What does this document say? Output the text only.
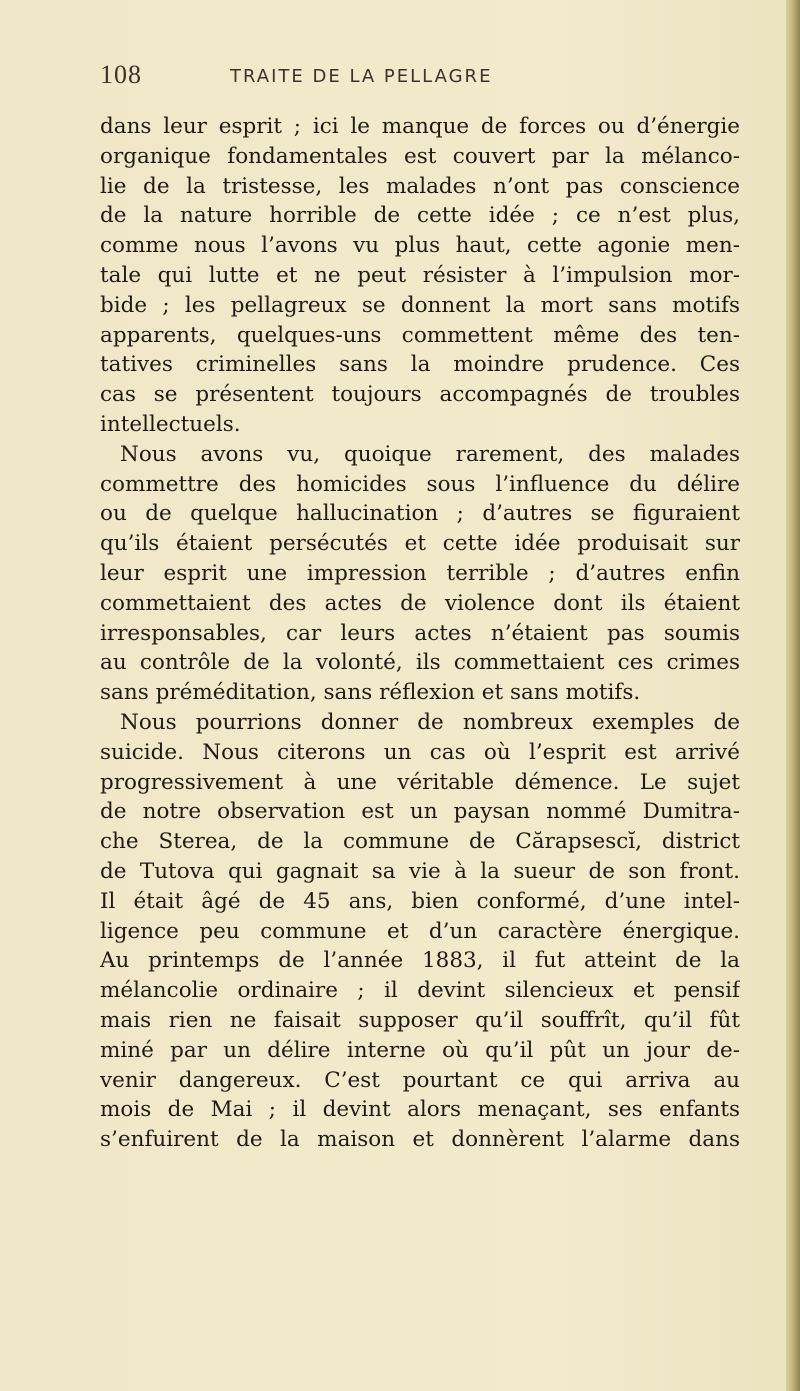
108	TRAITE DE LA PELLAGRE
dans leur esprit ; ici le manque de forces ou d’énergie
organique fondamentales est couvert par la mélanco-
lie de la tristesse, les malades n’ont pas conscience
de la nature horrible de cette idée ; ce n’est plus,
comme nous l’avons vu plus haut, cette agonie men-
tale qui lutte et ne peut résister à l’impulsion mor-
bide ; les pellagreux se donnent la mort sans motifs
apparents, quelques-uns commettent même des ten-
tatives criminelles sans la moindre prudence. Ces
cas se présentent toujours accompagnés de troubles
intellectuels.
Nous avons vu, quoique rarement, des malades
commettre des homicides sous l’influence du délire
ou de quelque hallucination ; d’autres se figuraient
qu’ils étaient persécutés et cette idée produisait sur
leur esprit une impression terrible ; d’autres enfin
commettaient des actes de violence dont ils étaient
irresponsables, car leurs actes n’étaient pas soumis
au contrôle de la volonté, ils commettaient ces crimes
sans préméditation, sans réflexion et sans motifs.
Nous pourrions donner de nombreux exemples de
suicide. Nous citerons un cas où l’esprit est arrivé
progressivement à une véritable démence. Le sujet
de notre observation est un paysan nommé Dumitra-
che Sterea, de la commune de Cărapsescĭ, district
de Tutova qui gagnait sa vie à la sueur de son front.
Il était âgé de 45 ans, bien conformé, d’une intel-
ligence peu commune et d’un caractère énergique.
Au printemps de l’année 1883, il fut atteint de la
mélancolie ordinaire ; il devint silencieux et pensif
mais rien ne faisait supposer qu’il souffrît, qu’il fût
miné par un délire interne où qu’il pût un jour de-
venir dangereux. C’est pourtant ce qui arriva au
mois de Mai ; il devint alors menaçant, ses enfants
s’enfuirent de la maison et donnèrent l’alarme dans
